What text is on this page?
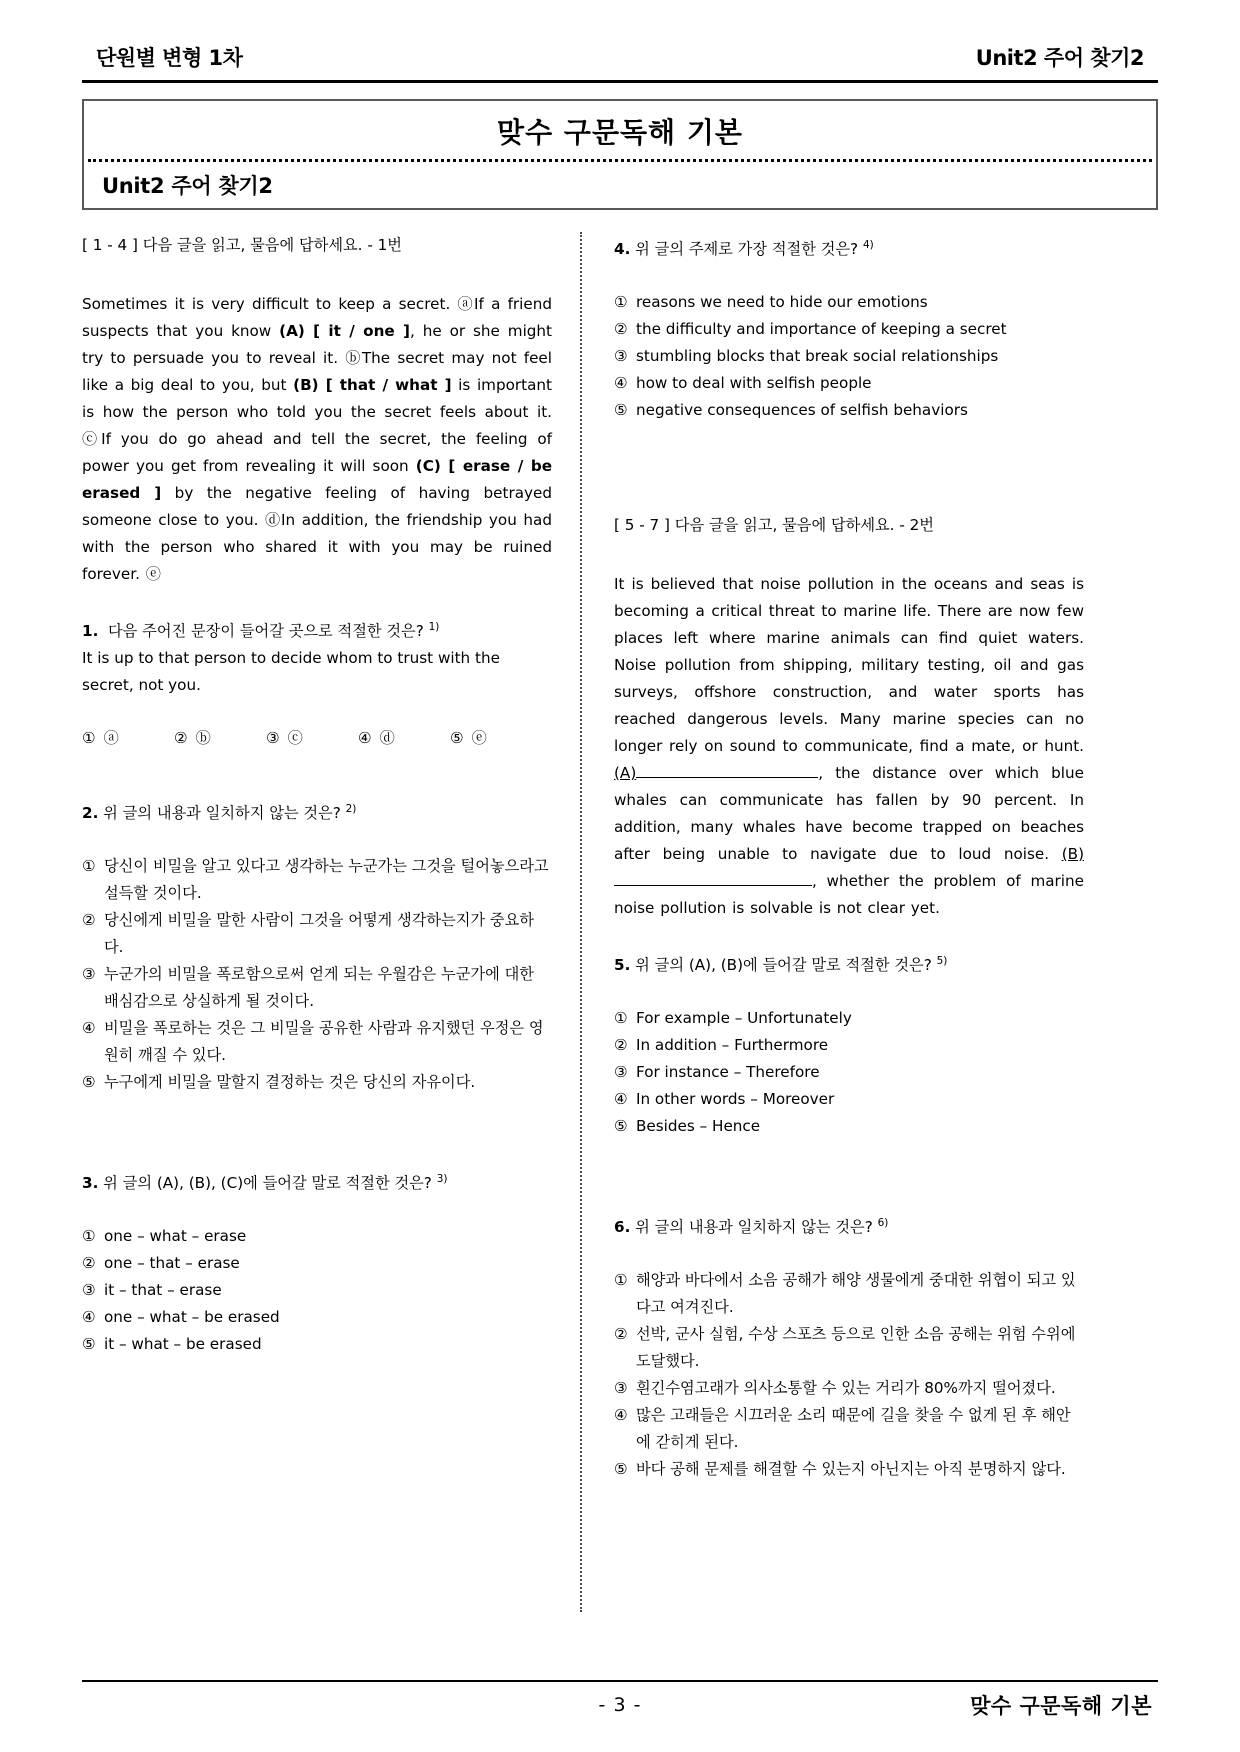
단원별 변형 1차	Unit2 주어 찾기2
맞수 구문독해 기본
Unit2 주어 찾기2
[ 1 - 4 ] 다음 글을 읽고, 물음에 답하세요. - 1번

Sometimes it is very difficult to keep a secret. ⓐIf a friend suspects that you know (A) [ it / one ], he or she might try to persuade you to reveal it. ⓑThe secret may not feel like a big deal to you, but (B) [ that / what ] is important is how the person who told you the secret feels about it. ⓒIf you do go ahead and tell the secret, the feeling of power you get from revealing it will soon (C) [ erase / be erased ] by the negative feeling of having betrayed someone close to you. ⓓIn addition, the friendship you had with the person who shared it with you may be ruined forever. ⓔ

1. 다음 주어진 문장이 들어갈 곳으로 적절한 것은? $^{1)}$
It is up to that person to decide whom to trust with the secret, not you.
① ⓐ	② ⓑ	③ ⓒ	④ ⓓ	⑤ ⓔ
2. 위 글의 내용과 일치하지 않는 것은? $^{2)}$
① 당신이 비밀을 알고 있다고 생각하는 누군가는 그것을 털어놓으라고 설득할 것이다.
② 당신에게 비밀을 말한 사람이 그것을 어떻게 생각하는지가 중요하다.
③ 누군가의 비밀을 폭로함으로써 얻게 되는 우월감은 누군가에 대한 배심감으로 상실하게 될 것이다.
④ 비밀을 폭로하는 것은 그 비밀을 공유한 사람과 유지했던 우정은 영원히 깨질 수 있다.
⑤ 누구에게 비밀을 말할지 결정하는 것은 당신의 자유이다.
3. 위 글의 (A), (B), (C)에 들어갈 말로 적절한 것은? $^{3)}$
① one – what – erase
② one – that – erase
③ it – that – erase
④ one – what – be erased
⑤ it – what – be erased
4. 위 글의 주제로 가장 적절한 것은? $^{4)}$
① reasons we need to hide our emotions
② the difficulty and importance of keeping a secret
③ stumbling blocks that break social relationships
④ how to deal with selfish people
⑤ negative consequences of selfish behaviors
[ 5 - 7 ] 다음 글을 읽고, 물음에 답하세요. - 2번

It is believed that noise pollution in the oceans and seas is becoming a critical threat to marine life. There are now few places left where marine animals can find quiet waters. Noise pollution from shipping, military testing, oil and gas surveys, offshore construction, and water sports has reached dangerous levels. Many marine species can no longer rely on sound to communicate, find a mate, or hunt. (A)	, the distance over which blue whales can communicate has fallen by 90 percent. In addition, many whales have become trapped on beaches after being unable to navigate due to loud noise. (B), whether the problem of marine noise pollution is solvable is not clear yet.

5. 위 글의 (A), (B)에 들어갈 말로 적절한 것은? $^{5)}$
① For example – Unfortunately
② In addition – Furthermore
③ For instance – Therefore
④ In other words – Moreover
⑤ Besides – Hence
6. 위 글의 내용과 일치하지 않는 것은? $^{6)}$
① 해양과 바다에서 소음 공해가 해양 생물에게 중대한 위협이 되고 있다고 여겨진다.
② 선박, 군사 실험, 수상 스포츠 등으로 인한 소음 공해는 위험 수위에 도달했다.
③ 흰긴수염고래가 의사소통할 수 있는 거리가 80%까지 떨어졌다.
④ 많은 고래들은 시끄러운 소리 때문에 길을 찾을 수 없게 된 후 해안에 갇히게 된다.
⑤ 바다 공해 문제를 해결할 수 있는지 아닌지는 아직 분명하지 않다.
- 3 -	맞수 구문독해 기본
